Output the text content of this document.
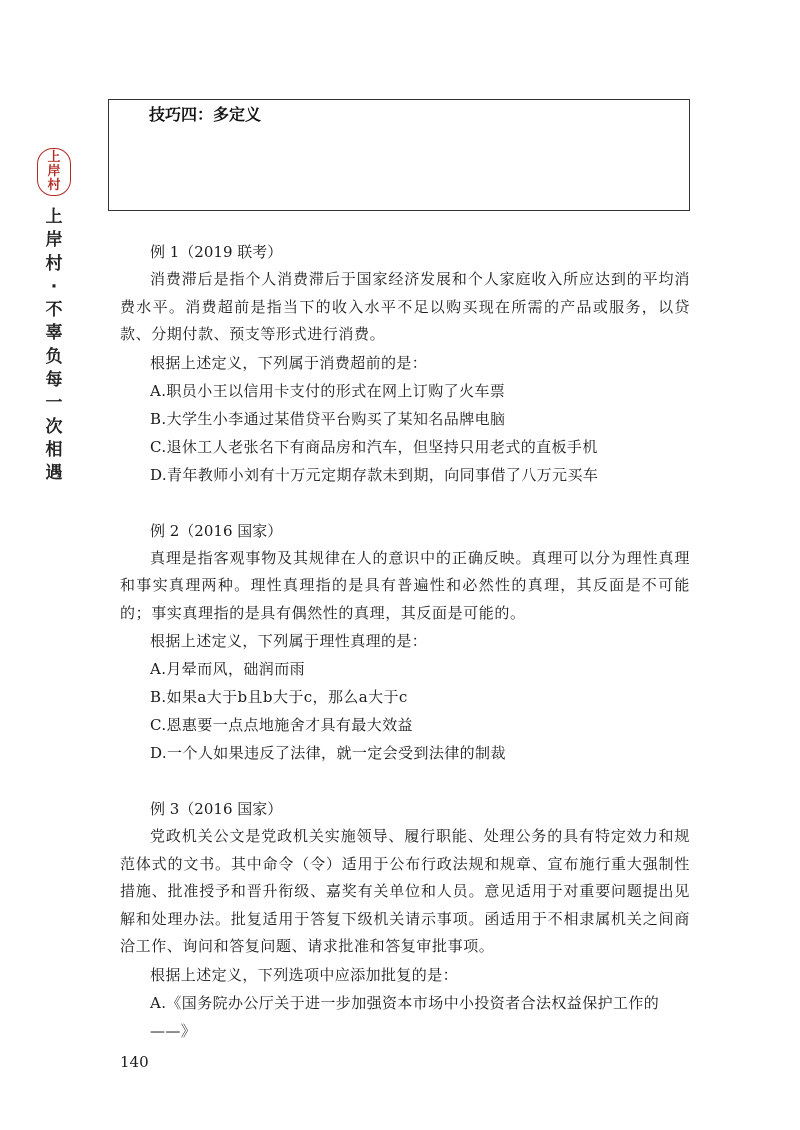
上
岸
村
上
岸
村
·
不
辜
负
每
一
次
相
遇
技巧四：多定义
例 1（2019 联考）
消费滞后是指个人消费滞后于国家经济发展和个人家庭收入所应达到的平均消费水平。消费超前是指当下的收入水平不足以购买现在所需的产品或服务，以贷款、分期付款、预支等形式进行消费。
根据上述定义，下列属于消费超前的是：
A.职员小王以信用卡支付的形式在网上订购了火车票
B.大学生小李通过某借贷平台购买了某知名品牌电脑
C.退休工人老张名下有商品房和汽车，但坚持只用老式的直板手机
D.青年教师小刘有十万元定期存款未到期，向同事借了八万元买车
例 2（2016 国家）
真理是指客观事物及其规律在人的意识中的正确反映。真理可以分为理性真理和事实真理两种。理性真理指的是具有普遍性和必然性的真理，其反面是不可能的；事实真理指的是具有偶然性的真理，其反面是可能的。
根据上述定义，下列属于理性真理的是：
A.月晕而风，础润而雨
B.如果a大于b且b大于c，那么a大于c
C.恩惠要一点点地施舍才具有最大效益
D.一个人如果违反了法律，就一定会受到法律的制裁
例 3（2016 国家）
党政机关公文是党政机关实施领导、履行职能、处理公务的具有特定效力和规范体式的文书。其中命令（令）适用于公布行政法规和规章、宣布施行重大强制性措施、批准授予和晋升衔级、嘉奖有关单位和人员。意见适用于对重要问题提出见解和处理办法。批复适用于答复下级机关请示事项。函适用于不相隶属机关之间商洽工作、询问和答复问题、请求批准和答复审批事项。
根据上述定义，下列选项中应添加批复的是：
A.《国务院办公厅关于进一步加强资本市场中小投资者合法权益保护工作的——》
140
